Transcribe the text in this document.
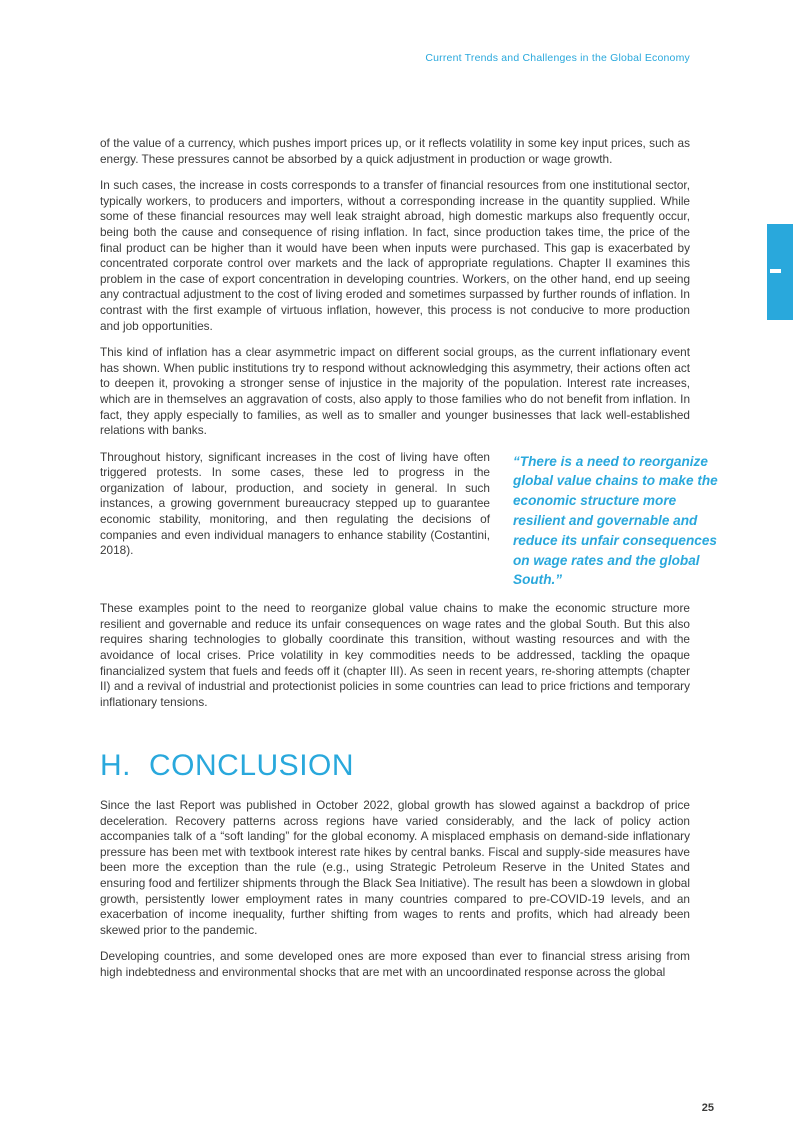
Current Trends and Challenges in the Global Economy

of the value of a currency, which pushes import prices up, or it reflects volatility in some key input prices, such as energy. These pressures cannot be absorbed by a quick adjustment in production or wage growth.

In such cases, the increase in costs corresponds to a transfer of financial resources from one institutional sector, typically workers, to producers and importers, without a corresponding increase in the quantity supplied. While some of these financial resources may well leak straight abroad, high domestic markups also frequently occur, being both the cause and consequence of rising inflation. In fact, since production takes time, the price of the final product can be higher than it would have been when inputs were purchased. This gap is exacerbated by concentrated corporate control over markets and the lack of appropriate regulations. Chapter II examines this problem in the case of export concentration in developing countries. Workers, on the other hand, end up seeing any contractual adjustment to the cost of living eroded and sometimes surpassed by further rounds of inflation. In contrast with the first example of virtuous inflation, however, this process is not conducive to more production and job opportunities.

This kind of inflation has a clear asymmetric impact on different social groups, as the current inflationary event has shown. When public institutions try to respond without acknowledging this asymmetry, their actions often act to deepen it, provoking a stronger sense of injustice in the majority of the population. Interest rate increases, which are in themselves an aggravation of costs, also apply to those families who do not benefit from inflation. In fact, they apply especially to families, as well as to smaller and younger businesses that lack well-established relations with banks.

Throughout history, significant increases in the cost of living have often triggered protests. In some cases, these led to progress in the organization of labour, production, and society in general. In such instances, a growing government bureaucracy stepped up to guarantee economic stability, monitoring, and then regulating the decisions of companies and even individual managers to enhance stability (Costantini, 2018).

“There is a need to reorganize global value chains to make the economic structure more resilient and governable and reduce its unfair consequences on wage rates and the global South.”

These examples point to the need to reorganize global value chains to make the economic structure more resilient and governable and reduce its unfair consequences on wage rates and the global South. But this also requires sharing technologies to globally coordinate this transition, without wasting resources and with the avoidance of local crises. Price volatility in key commodities needs to be addressed, tackling the opaque financialized system that fuels and feeds off it (chapter III). As seen in recent years, re-shoring attempts (chapter II) and a revival of industrial and protectionist policies in some countries can lead to price frictions and temporary inflationary tensions.

H. CONCLUSION

Since the last Report was published in October 2022, global growth has slowed against a backdrop of price deceleration. Recovery patterns across regions have varied considerably, and the lack of policy action accompanies talk of a “soft landing” for the global economy. A misplaced emphasis on demand-side inflationary pressure has been met with textbook interest rate hikes by central banks. Fiscal and supply-side measures have been more the exception than the rule (e.g., using Strategic Petroleum Reserve in the United States and ensuring food and fertilizer shipments through the Black Sea Initiative). The result has been a slowdown in global growth, persistently lower employment rates in many countries compared to pre-COVID-19 levels, and an exacerbation of income inequality, further shifting from wages to rents and profits, which had already been skewed prior to the pandemic.

Developing countries, and some developed ones are more exposed than ever to financial stress arising from high indebtedness and environmental shocks that are met with an uncoordinated response across the global

25
